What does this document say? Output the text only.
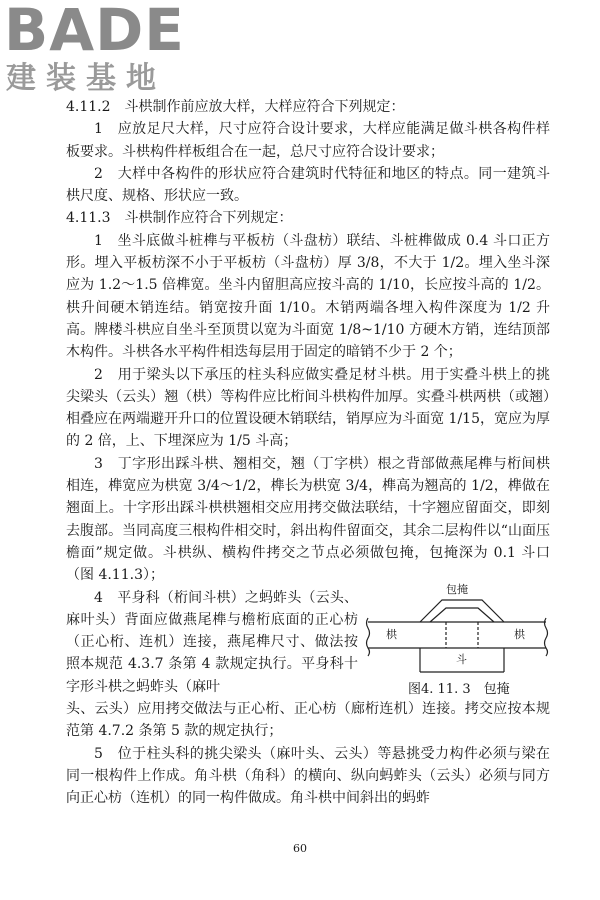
BADE
建装基地

4.11.2　斗栱制作前应放大样，大样应符合下列规定：

1　应放足尺大样，尺寸应符合设计要求，大样应能满足做斗栱各构件样板要求。斗栱构件样板组合在一起，总尺寸应符合设计要求；

2　大样中各构件的形状应符合建筑时代特征和地区的特点。同一建筑斗栱尺度、规格、形状应一致。

4.11.3　斗栱制作应符合下列规定：

1　坐斗底做斗桩榫与平板枋（斗盘枋）联结、斗桩榫做成 0.4 斗口正方形。埋入平板枋深不小于平板枋（斗盘枋）厚 3/8，不大于 1/2。埋入坐斗深应为 1.2～1.5 倍榫宽。坐斗内留胆高应按斗高的 1/10，长应按斗高的 1/2。栱升间硬木销连结。销宽按升面 1/10。木销两端各埋入构件深度为 1/2 升高。牌楼斗栱应自坐斗至顶贯以宽为斗面宽 1/8~1/10 方硬木方销，连结顶部木构件。斗栱各水平构件相迭每层用于固定的暗销不少于 2 个；

2　用于梁头以下承压的柱头科应做实叠足材斗栱。用于实叠斗栱上的挑尖梁头（云头）翘（栱）等构件应比桁间斗栱构件加厚。实叠斗栱两栱（或翘）相叠应在两端避开升口的位置设硬木销联结，销厚应为斗面宽 1/15，宽应为厚的 2 倍，上、下埋深应为 1/5 斗高；

3　丁字形出踩斗栱、翘相交，翘（丁字栱）根之背部做燕尾榫与桁间栱相连，榫宽应为栱宽 3/4～1/2，榫长为栱宽 3/4，榫高为翘高的 1/2，榫做在翘面上。十字形出踩斗栱栱翘相交应用拷交做法联结，十字翘应留面交，即刻去腹部。当同高度三根构件相交时，斜出构件留面交，其余二层构件以“山面压檐面”规定做。斗栱纵、横构件拷交之节点必须做包掩，包掩深为 0.1 斗口（图 4.11.3）；

4　平身科（桁间斗栱）之蚂蚱头（云头、麻叶头）背面应做燕尾榫与檐桁底面的正心枋（正心桁、连机）连接，燕尾榫尺寸、做法按照本规范 4.3.7 条第 4 款规定执行。平身科十字形斗栱之蚂蚱头（麻叶

头、云头）应用拷交做法与正心桁、正心枋（廊桁连机）连接。拷交应按本规范第 4.7.2 条第 5 款的规定执行；

5　位于柱头科的挑尖梁头（麻叶头、云头）等悬挑受力构件必须与梁在同一根构件上作成。角斗栱（角科）的横向、纵向蚂蚱头（云头）必须与同方向正心枋（连机）的同一构件做成。角斗栱中间斜出的蚂蚱

包掩
栱	栱
斗
图4. 11. 3　包掩
60
